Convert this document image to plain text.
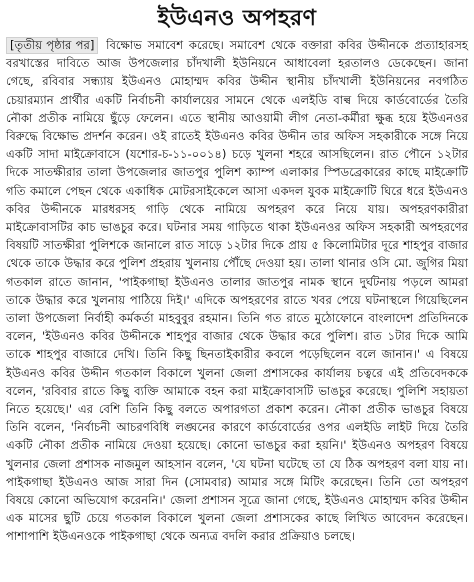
ইউএনও অপহরণ

[তৃতীয় পৃষ্ঠার পর] বিক্ষোভ সমাবেশ করেছে। সমাবেশ থেকে বক্তারা কবির উদ্দীনকে প্রত্যাহারসহ বরখাস্তের দাবিতে আজ উপজেলার চাঁদখালী ইউনিয়নে আধাবেলা হরতালও ডেকেছেন। জানা গেছে, রবিবার সন্ধ্যায় ইউএনও মোহাম্মদ কবির উদ্দীন স্থানীয় চাঁদখালী ইউনিয়নের নবগঠিত চেয়ারম্যান প্রার্থীর একটি নির্বাচনী কার্যালয়ের সামনে থেকে এলইডি বাল্ব দিয়ে কার্ডবোর্ডের তৈরি নৌকা প্রতীক নামিয়ে ছুঁড়ে ফেলেন। এতে স্থানীয় আওয়ামী লীগ নেতা-কর্মীরা ক্ষুব্ধ হয়ে ইউএনওর বিরুদ্ধে বিক্ষোভ প্রদর্শন করেন। ওই রাতেই ইউএনও কবির উদ্দীন তার অফিস সহকারীকে সঙ্গে নিয়ে একটি সাদা মাইক্রোবাসে (যশোর-চ-১১-০০১৪) চড়ে খুলনা শহরে আসছিলেন। রাত পৌনে ১২টার দিকে সাতক্ষীরার তালা উপজেলার জাতপুর পুলিশ ক্যাম্প এলাকার স্পিডব্রেকারের কাছে মাইক্রোটি গতি কমালে পেছন থেকে একাধিক মোটরসাইকেলে আসা একদল যুবক মাইক্রোটি ঘিরে ধরে ইউএনও কবির উদ্দীনকে মারধরসহ গাড়ি থেকে নামিয়ে অপহরণ করে নিয়ে যায়। অপহরণকারীরা মাইক্রোবাসটির কাচ ভাঙচুর করে। ঘটনার সময় গাড়িতে থাকা ইউএনওর অফিস সহকারী অপহরণের বিষয়টি সাতক্ষীরা পুলিশকে জানালে রাত সাড়ে ১২টার দিকে প্রায় ৫ কিলোমিটার দূরে শাহপুর বাজার থেকে তাকে উদ্ধার করে পুলিশ প্রহরায় খুলনায় পৌঁছে দেওয়া হয়। তালা থানার ওসি মো. জুগির মিয়া গতকাল রাতে জানান, 'পাইকগাছা ইউএনও তালার জাতপুর নামক স্থানে দুর্ঘটনায় পড়লে আমরা তাকে উদ্ধার করে খুলনায় পাঠিয়ে দিই।' এদিকে অপহরণের রাতে খবর পেয়ে ঘটনাস্থলে গিয়েছিলেন তালা উপজেলা নির্বাহী কর্মকর্তা মাহবুবুর রহমান। তিনি গত রাতে মুঠোফোনে বাংলাদেশ প্রতিদিনকে বলেন, 'ইউএনও কবির উদ্দীনকে শাহপুর বাজার থেকে উদ্ধার করে পুলিশ। রাত ১টার দিকে আমি তাকে শাহপুর বাজারে দেখি। তিনি কিছু ছিনতাইকারীর কবলে পড়েছিলেন বলে জানান।' এ বিষয়ে ইউএনও কবির উদ্দীন গতকাল বিকালে খুলনা জেলা প্রশাসকের কার্যালয় চত্বরে এই প্রতিবেদককে বলেন, 'রবিবার রাতে কিছু ব্যক্তি আমাকে বহন করা মাইক্রোবাসটি ভাঙচুর করেছে। পুলিশি সহায়তা নিতে হয়েছে।' এর বেশি তিনি কিছু বলতে অপারগতা প্রকাশ করেন। নৌকা প্রতীক ভাঙচুর বিষয়ে তিনি বলেন, 'নির্বাচনী আচরণবিধি লঙ্ঘনের কারণে কার্ডবোর্ডের ওপর এলইডি লাইট দিয়ে তৈরি একটি নৌকা প্রতীক নামিয়ে দেওয়া হয়েছে। কোনো ভাঙচুর করা হয়নি।' ইউএনও অপহরণ বিষয়ে খুলনার জেলা প্রশাসক নাজমুল আহসান বলেন, 'যে ঘটনা ঘটেছে তা যে ঠিক অপহরণ বলা যায় না। পাইকগাছা ইউএনও আজ সারা দিন (সোমবার) আমার সঙ্গে মিটিং করেছেন। তিনি তো অপহরণ বিষয়ে কোনো অভিযোগ করেননি।' জেলা প্রশাসন সূত্রে জানা গেছে, ইউএনও মোহাম্মদ কবির উদ্দীন এক মাসের ছুটি চেয়ে গতকাল বিকালে খুলনা জেলা প্রশাসকের কাছে লিখিত আবেদন করেছেন। পাশাপাশি ইউএনওকে পাইকগাছা থেকে অন্যত্র বদলি করার প্রক্রিয়াও চলছে।
